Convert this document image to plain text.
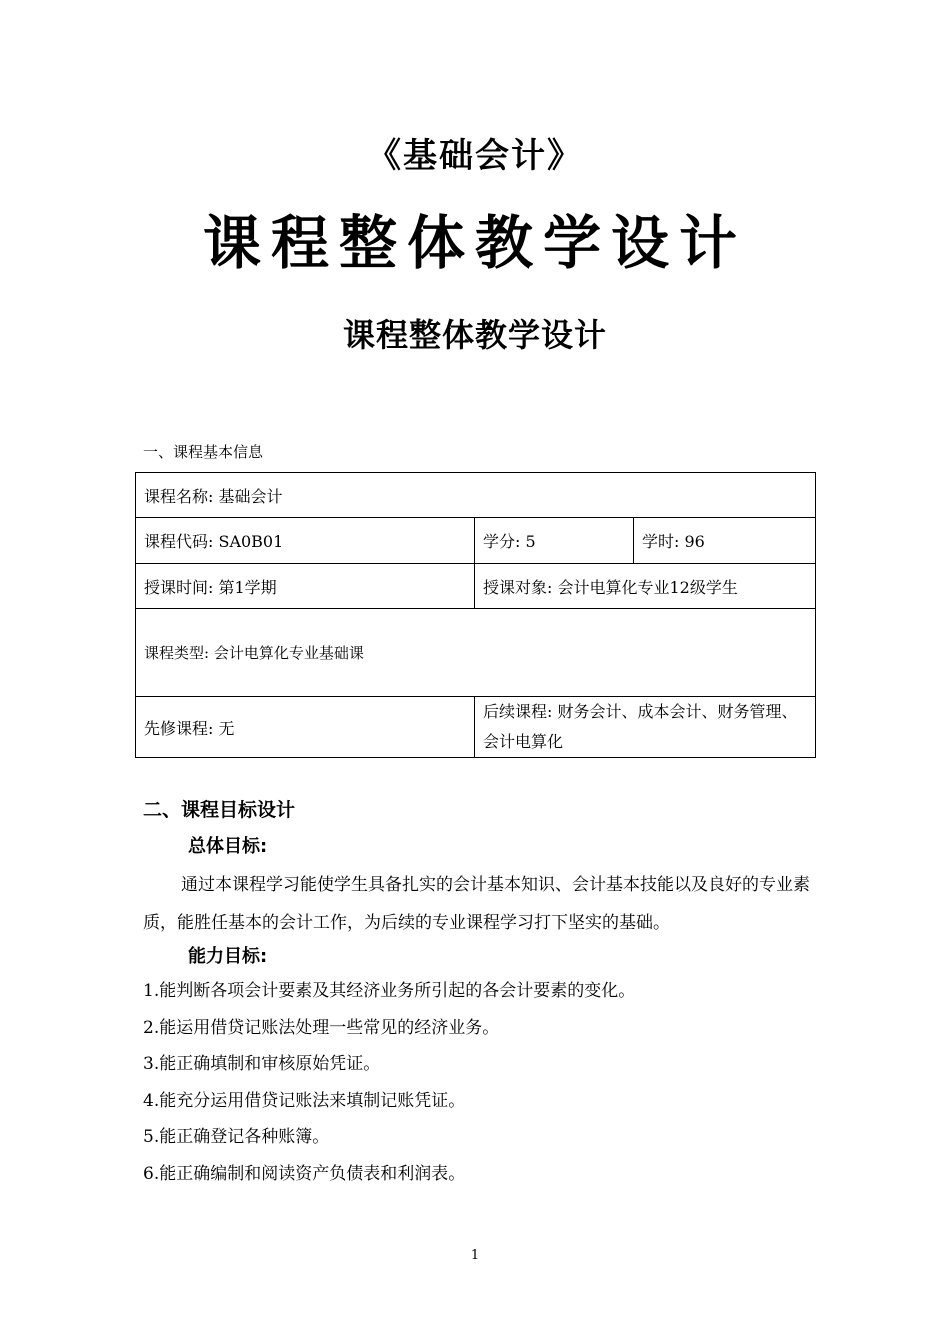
《基础会计》
课程整体教学设计
课程整体教学设计
一、课程基本信息
课程名称: 基础会计		
课程代码: SA0B01	学分: 5	学时: 96
授课时间: 第1学期	授课对象: 会计电算化专业12级学生	
课程类型: 会计电算化专业基础课		
先修课程: 无	后续课程: 财务会计、成本会计、财务管理、会计电算化	
二、课程目标设计
总体目标:
通过本课程学习能使学生具备扎实的会计基本知识、会计基本技能以及良好的专业素质，能胜任基本的会计工作，为后续的专业课程学习打下坚实的基础。
能力目标:
1.能判断各项会计要素及其经济业务所引起的各会计要素的变化。
2.能运用借贷记账法处理一些常见的经济业务。
3.能正确填制和审核原始凭证。
4.能充分运用借贷记账法来填制记账凭证。
5.能正确登记各种账簿。
6.能正确编制和阅读资产负债表和利润表。
1
